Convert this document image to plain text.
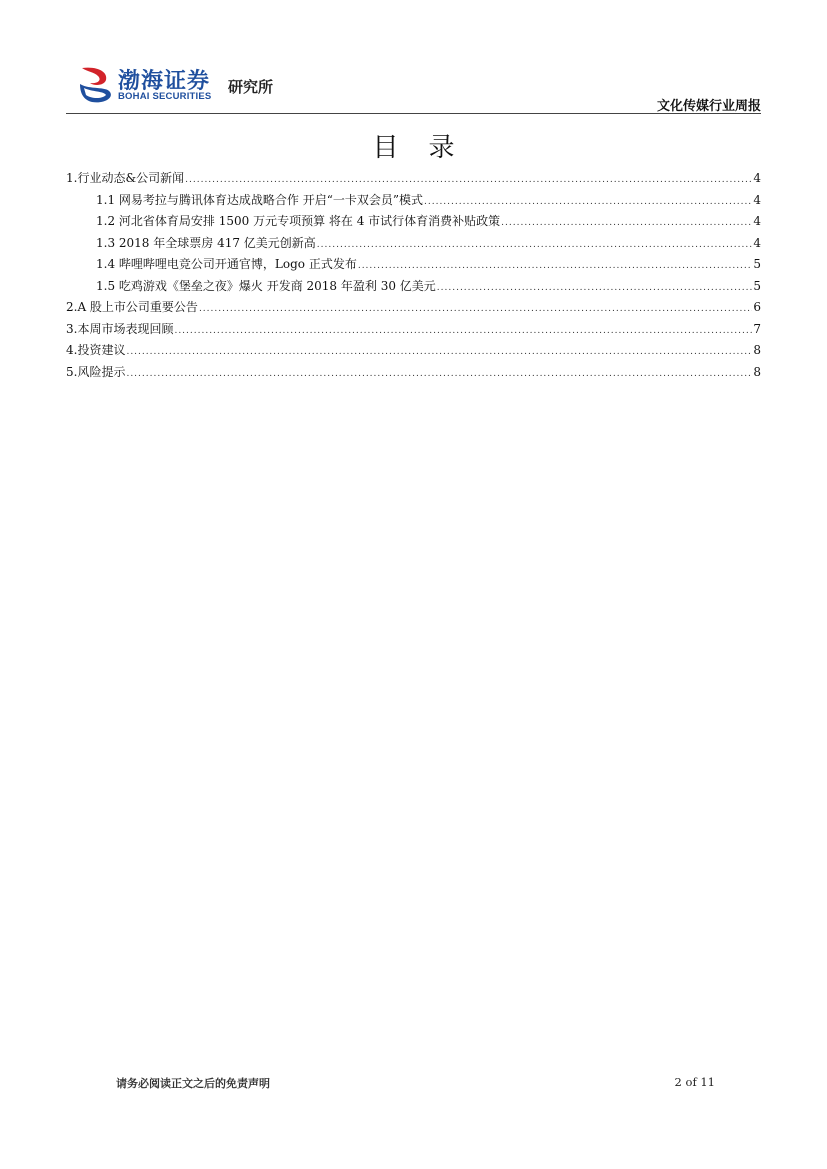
渤海证券
BOHAI SECURITIES
研究所
文化传媒行业周报
目录
1.行业动态&公司新闻 .....	4
1.1 网易考拉与腾讯体育达成战略合作 开启“一卡双会员”模式 .....	4
1.2 河北省体育局安排 1500 万元专项预算 将在 4 市试行体育消费补贴政策 .....	4
1.3 2018 年全球票房 417 亿美元创新高 .....	4
1.4 哔哩哔哩电竞公司开通官博，Logo 正式发布 .....	5
1.5 吃鸡游戏《堡垒之夜》爆火 开发商 2018 年盈利 30 亿美元 .....	5
2.A 股上市公司重要公告 .....	6
3.本周市场表现回顾 .....	7
4.投资建议 .....	8
5.风险提示 .....	8
请务必阅读正文之后的免责声明	2 of 11
